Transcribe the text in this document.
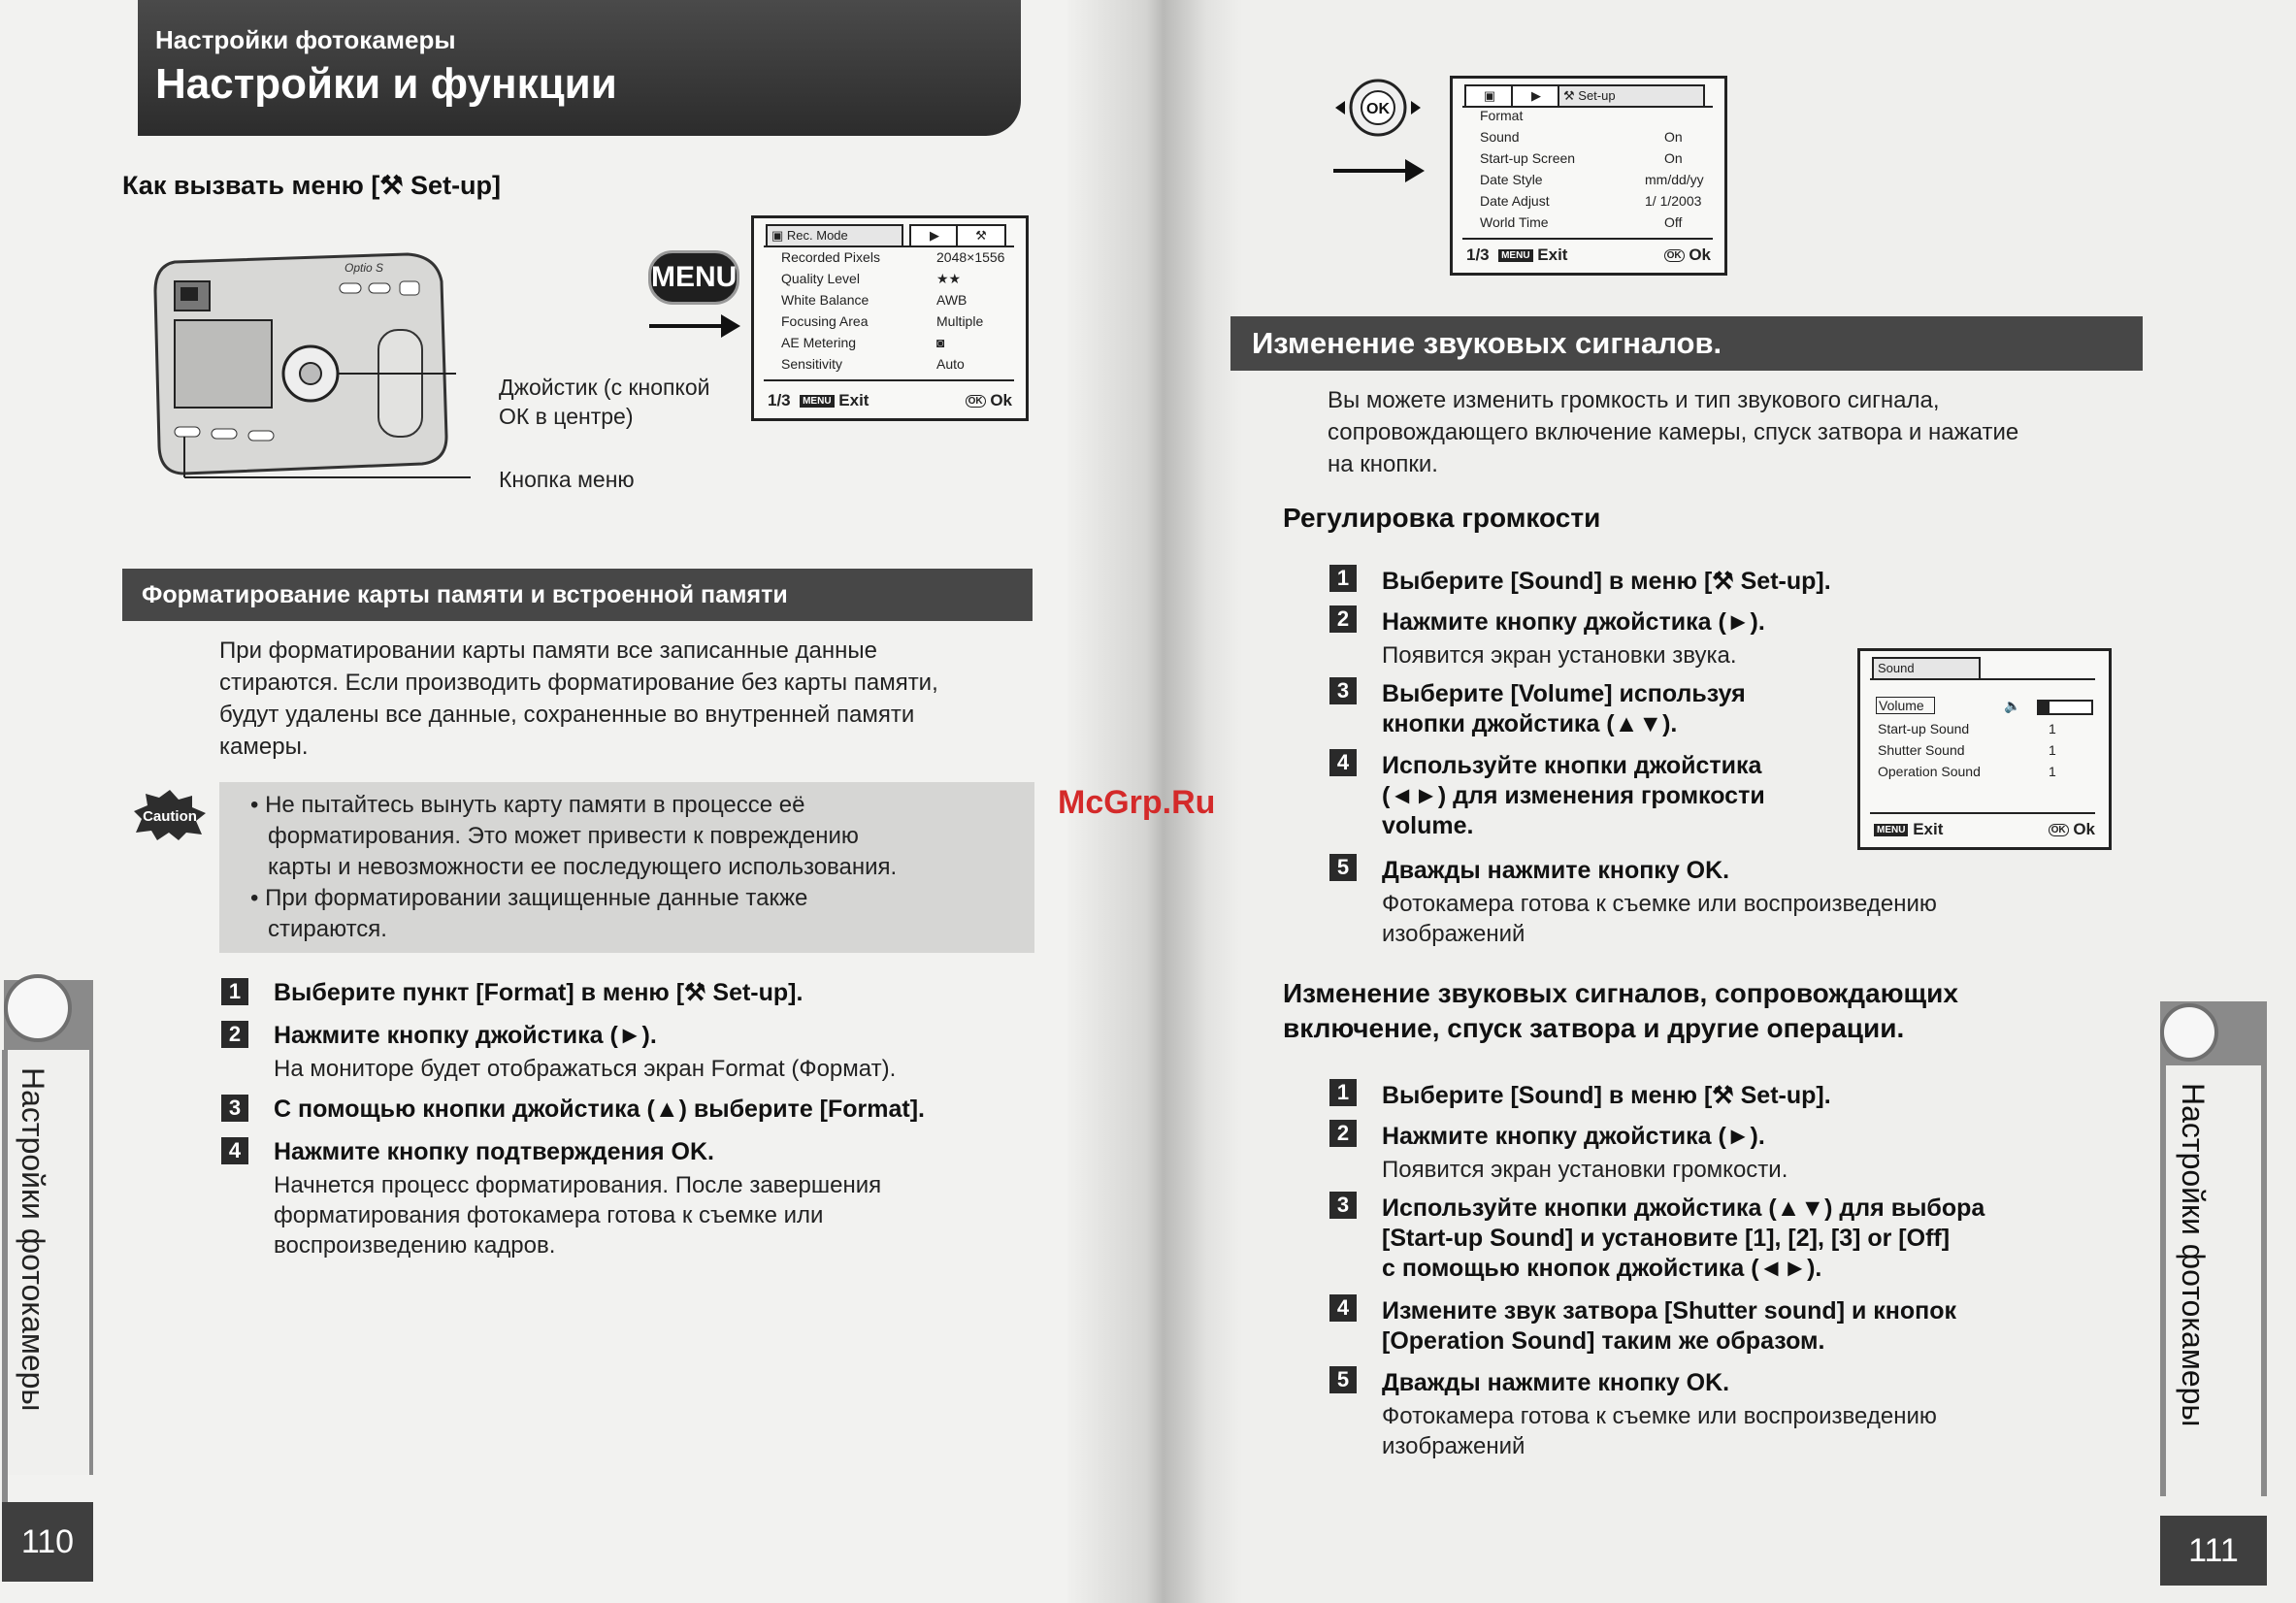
Настройки фотокамеры
Настройки и функции
Как вызвать меню [⚒ Set-up]
Optio S
Джойстик (с кнопкой
ОК в центре)
Кнопка меню
MENU
▣ Rec. Mode	▶	⚒
Recorded Pixels	2048×1556
Quality Level	★★
White Balance	AWB
Focusing Area	Multiple
AE Metering	◙
Sensitivity	Auto
1/3 MENU Exit	OK Ok
Форматирование карты памяти и встроенной памяти
При форматировании карты памяти все записанные данные
стираются. Если производить форматирование без карты памяти,
будут удалены все данные, сохраненные во внутренней памяти
камеры.
Caution • Не пытайтесь вынуть карту памяти в процессе её
форматирования. Это может привести к повреждению
карты и невозможности ее последующего использования.
• При форматировании защищенные данные также
стираются.
1	Выберите пункт [Format] в меню [⚒ Set-up].
2	Нажмите кнопку джойстика (►).
На мониторе будет отображаться экран Format (Формат).
3	С помощью кнопки джойстика (▲) выберите [Format].
4	Нажмите кнопку подтверждения OK.
Начнется процесс форматирования. После завершения
форматирования фотокамера готова к съемке или
воспроизведению кадров.
Настройки фотокамеры
110
OK
▣	▶	⚒ Set-up
Format
Sound	On
Start-up Screen	On
Date Style	mm/dd/yy
Date Adjust	1/ 1/2003
World Time	Off
1/3 MENU Exit	OK Ok
Изменение звуковых сигналов.
Вы можете изменить громкость и тип звукового сигнала,
сопровождающего включение камеры, спуск затвора и нажатие
на кнопки.
Регулировка громкости
1	Выберите [Sound] в меню [⚒ Set-up].
2	Нажмите кнопку джойстика (►).
Появится экран установки звука.
3	Выберите [Volume] используя
кнопки джойстика (▲▼).
4	Используйте кнопки джойстика
(◄►) для изменения громкости
volume.
5	Дважды нажмите кнопку OK.
Фотокамера готова к съемке или воспроизведению
изображений
Sound
Volume	🔈
Start-up Sound	1
Shutter Sound	1
Operation Sound	1
MENU Exit	OK Ok
Изменение звуковых сигналов, сопровождающих
включение, спуск затвора и другие операции.
1	Выберите [Sound] в меню [⚒ Set-up].
2	Нажмите кнопку джойстика (►).
Появится экран установки громкости.
3	Используйте кнопки джойстика (▲▼) для выбора
[Start-up Sound] и установите [1], [2], [3] or [Off]
с помощью кнопок джойстика (◄►).
4	Измените звук затвора [Shutter sound] и кнопок
[Operation Sound] таким же образом.
5	Дважды нажмите кнопку OK.
Фотокамера готова к съемке или воспроизведению
изображений
Настройки фотокамеры
111
McGrp.Ru
